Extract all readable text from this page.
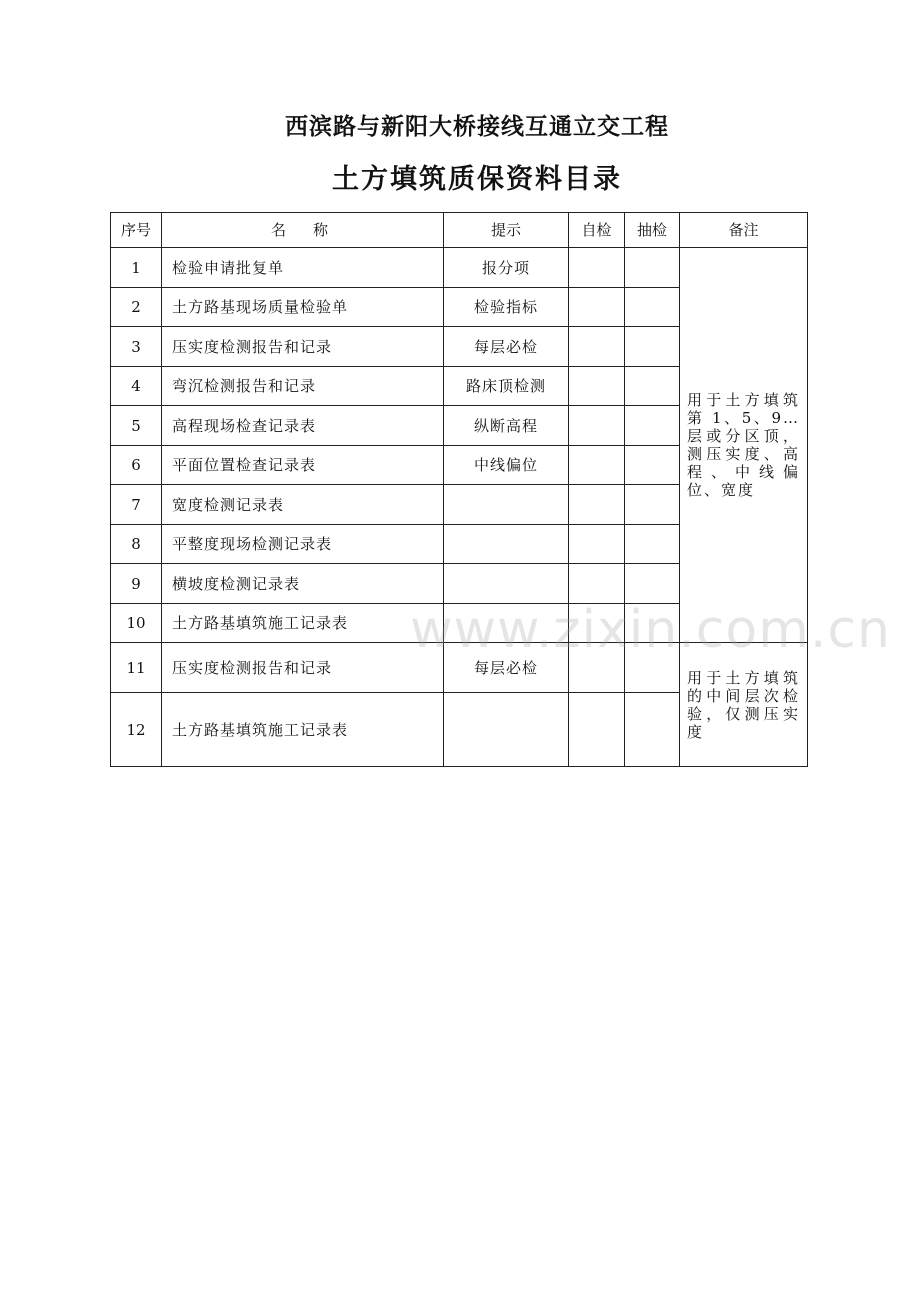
西滨路与新阳大桥接线互通立交工程
土方填筑质保资料目录
序号	名　称	提示	自检	抽检	备注
1	检验申请批复单	报分项			用于土方填筑第 1、5、9…层或分区顶，测压实度、高程、中线偏位、宽度
2	土方路基现场质量检验单	检验指标			
3	压实度检测报告和记录	每层必检			
4	弯沉检测报告和记录	路床顶检测			
5	高程现场检查记录表	纵断高程			
6	平面位置检查记录表	中线偏位			
7	宽度检测记录表				
8	平整度现场检测记录表				
9	横坡度检测记录表				
10	土方路基填筑施工记录表				
11	压实度检测报告和记录	每层必检			用于土方填筑的中间层次检验，仅测压实度
12	土方路基填筑施工记录表				
www.zixin.com.cn
